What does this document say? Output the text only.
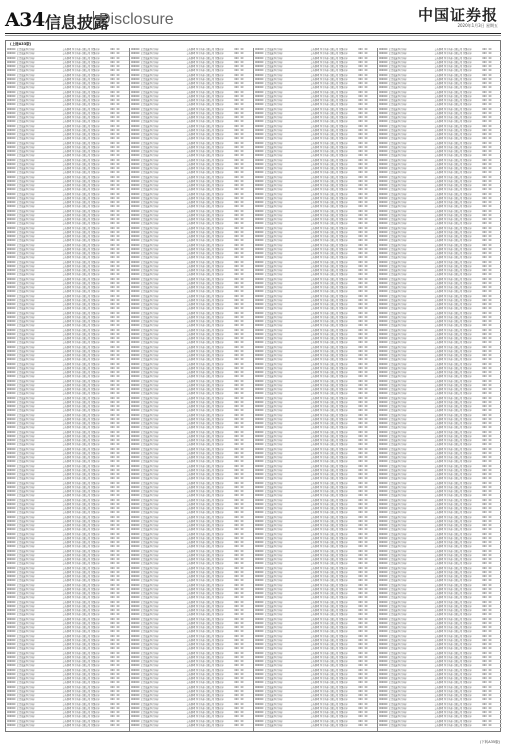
A34 信息披露
Disclosure	中国证券报
2020年1月3日 星期五
(上接A33版)
000000 信息披露基金名称	公告事项 基金名称 有限公司 详细内容	000 00
000000 信息披露基金名称	公告事项 基金名称 有限公司 详细内容	000 00
000000 信息披露基金名称	公告事项 基金名称 有限公司 详细内容	000 00
000000 信息披露基金名称	公告事项 基金名称 有限公司 详细内容	000 00
000000 信息披露基金名称	公告事项 基金名称 有限公司 详细内容	000 00
000000 信息披露基金名称	公告事项 基金名称 有限公司 详细内容	000 00
000000 信息披露基金名称	公告事项 基金名称 有限公司 详细内容	000 00
000000 信息披露基金名称	公告事项 基金名称 有限公司 详细内容	000 00
000000 信息披露基金名称	公告事项 基金名称 有限公司 详细内容	000 00
000000 信息披露基金名称	公告事项 基金名称 有限公司 详细内容	000 00
000000 信息披露基金名称	公告事项 基金名称 有限公司 详细内容	000 00
000000 信息披露基金名称	公告事项 基金名称 有限公司 详细内容	000 00
000000 信息披露基金名称	公告事项 基金名称 有限公司 详细内容	000 00
000000 信息披露基金名称	公告事项 基金名称 有限公司 详细内容	000 00
000000 信息披露基金名称	公告事项 基金名称 有限公司 详细内容	000 00
000000 信息披露基金名称	公告事项 基金名称 有限公司 详细内容	000 00
000000 信息披露基金名称	公告事项 基金名称 有限公司 详细内容	000 00
000000 信息披露基金名称	公告事项 基金名称 有限公司 详细内容	000 00
000000 信息披露基金名称	公告事项 基金名称 有限公司 详细内容	000 00
000000 信息披露基金名称	公告事项 基金名称 有限公司 详细内容	000 00
000000 信息披露基金名称	公告事项 基金名称 有限公司 详细内容	000 00
000000 信息披露基金名称	公告事项 基金名称 有限公司 详细内容	000 00
000000 信息披露基金名称	公告事项 基金名称 有限公司 详细内容	000 00
000000 信息披露基金名称	公告事项 基金名称 有限公司 详细内容	000 00
000000 信息披露基金名称	公告事项 基金名称 有限公司 详细内容	000 00
000000 信息披露基金名称	公告事项 基金名称 有限公司 详细内容	000 00
000000 信息披露基金名称	公告事项 基金名称 有限公司 详细内容	000 00
000000 信息披露基金名称	公告事项 基金名称 有限公司 详细内容	000 00
000000 信息披露基金名称	公告事项 基金名称 有限公司 详细内容	000 00
000000 信息披露基金名称	公告事项 基金名称 有限公司 详细内容	000 00
000000 信息披露基金名称	公告事项 基金名称 有限公司 详细内容	000 00
000000 信息披露基金名称	公告事项 基金名称 有限公司 详细内容	000 00
000000 信息披露基金名称	公告事项 基金名称 有限公司 详细内容	000 00
000000 信息披露基金名称	公告事项 基金名称 有限公司 详细内容	000 00
000000 信息披露基金名称	公告事项 基金名称 有限公司 详细内容	000 00
000000 信息披露基金名称	公告事项 基金名称 有限公司 详细内容	000 00
000000 信息披露基金名称	公告事项 基金名称 有限公司 详细内容	000 00
000000 信息披露基金名称	公告事项 基金名称 有限公司 详细内容	000 00
000000 信息披露基金名称	公告事项 基金名称 有限公司 详细内容	000 00
000000 信息披露基金名称	公告事项 基金名称 有限公司 详细内容	000 00
000000 信息披露基金名称	公告事项 基金名称 有限公司 详细内容	000 00
000000 信息披露基金名称	公告事项 基金名称 有限公司 详细内容	000 00
000000 信息披露基金名称	公告事项 基金名称 有限公司 详细内容	000 00
000000 信息披露基金名称	公告事项 基金名称 有限公司 详细内容	000 00
000000 信息披露基金名称	公告事项 基金名称 有限公司 详细内容	000 00
000000 信息披露基金名称	公告事项 基金名称 有限公司 详细内容	000 00
000000 信息披露基金名称	公告事项 基金名称 有限公司 详细内容	000 00
000000 信息披露基金名称	公告事项 基金名称 有限公司 详细内容	000 00
000000 信息披露基金名称	公告事项 基金名称 有限公司 详细内容	000 00
000000 信息披露基金名称	公告事项 基金名称 有限公司 详细内容	000 00
000000 信息披露基金名称	公告事项 基金名称 有限公司 详细内容	000 00
000000 信息披露基金名称	公告事项 基金名称 有限公司 详细内容	000 00
000000 信息披露基金名称	公告事项 基金名称 有限公司 详细内容	000 00
000000 信息披露基金名称	公告事项 基金名称 有限公司 详细内容	000 00
000000 信息披露基金名称	公告事项 基金名称 有限公司 详细内容	000 00
000000 信息披露基金名称	公告事项 基金名称 有限公司 详细内容	000 00
000000 信息披露基金名称	公告事项 基金名称 有限公司 详细内容	000 00
000000 信息披露基金名称	公告事项 基金名称 有限公司 详细内容	000 00
000000 信息披露基金名称	公告事项 基金名称 有限公司 详细内容	000 00
000000 信息披露基金名称	公告事项 基金名称 有限公司 详细内容	000 00
000000 信息披露基金名称	公告事项 基金名称 有限公司 详细内容	000 00
000000 信息披露基金名称	公告事项 基金名称 有限公司 详细内容	000 00
000000 信息披露基金名称	公告事项 基金名称 有限公司 详细内容	000 00
000000 信息披露基金名称	公告事项 基金名称 有限公司 详细内容	000 00
000000 信息披露基金名称	公告事项 基金名称 有限公司 详细内容	000 00
000000 信息披露基金名称	公告事项 基金名称 有限公司 详细内容	000 00
000000 信息披露基金名称	公告事项 基金名称 有限公司 详细内容	000 00
000000 信息披露基金名称	公告事项 基金名称 有限公司 详细内容	000 00
000000 信息披露基金名称	公告事项 基金名称 有限公司 详细内容	000 00
000000 信息披露基金名称	公告事项 基金名称 有限公司 详细内容	000 00
000000 信息披露基金名称	公告事项 基金名称 有限公司 详细内容	000 00
000000 信息披露基金名称	公告事项 基金名称 有限公司 详细内容	000 00
000000 信息披露基金名称	公告事项 基金名称 有限公司 详细内容	000 00
000000 信息披露基金名称	公告事项 基金名称 有限公司 详细内容	000 00
000000 信息披露基金名称	公告事项 基金名称 有限公司 详细内容	000 00
000000 信息披露基金名称	公告事项 基金名称 有限公司 详细内容	000 00
000000 信息披露基金名称	公告事项 基金名称 有限公司 详细内容	000 00
000000 信息披露基金名称	公告事项 基金名称 有限公司 详细内容	000 00
000000 信息披露基金名称	公告事项 基金名称 有限公司 详细内容	000 00
000000 信息披露基金名称	公告事项 基金名称 有限公司 详细内容	000 00
000000 信息披露基金名称	公告事项 基金名称 有限公司 详细内容	000 00
000000 信息披露基金名称	公告事项 基金名称 有限公司 详细内容	000 00
000000 信息披露基金名称	公告事项 基金名称 有限公司 详细内容	000 00
000000 信息披露基金名称	公告事项 基金名称 有限公司 详细内容	000 00
000000 信息披露基金名称	公告事项 基金名称 有限公司 详细内容	000 00
000000 信息披露基金名称	公告事项 基金名称 有限公司 详细内容	000 00
000000 信息披露基金名称	公告事项 基金名称 有限公司 详细内容	000 00
000000 信息披露基金名称	公告事项 基金名称 有限公司 详细内容	000 00
000000 信息披露基金名称	公告事项 基金名称 有限公司 详细内容	000 00
000000 信息披露基金名称	公告事项 基金名称 有限公司 详细内容	000 00
000000 信息披露基金名称	公告事项 基金名称 有限公司 详细内容	000 00
000000 信息披露基金名称	公告事项 基金名称 有限公司 详细内容	000 00
000000 信息披露基金名称	公告事项 基金名称 有限公司 详细内容	000 00
000000 信息披露基金名称	公告事项 基金名称 有限公司 详细内容	000 00
000000 信息披露基金名称	公告事项 基金名称 有限公司 详细内容	000 00
000000 信息披露基金名称	公告事项 基金名称 有限公司 详细内容	000 00
000000 信息披露基金名称	公告事项 基金名称 有限公司 详细内容	000 00
000000 信息披露基金名称	公告事项 基金名称 有限公司 详细内容	000 00
000000 信息披露基金名称	公告事项 基金名称 有限公司 详细内容	000 00
000000 信息披露基金名称	公告事项 基金名称 有限公司 详细内容	000 00
000000 信息披露基金名称	公告事项 基金名称 有限公司 详细内容	000 00
000000 信息披露基金名称	公告事项 基金名称 有限公司 详细内容	000 00
000000 信息披露基金名称	公告事项 基金名称 有限公司 详细内容	000 00
000000 信息披露基金名称	公告事项 基金名称 有限公司 详细内容	000 00
000000 信息披露基金名称	公告事项 基金名称 有限公司 详细内容	000 00
000000 信息披露基金名称	公告事项 基金名称 有限公司 详细内容	000 00
000000 信息披露基金名称	公告事项 基金名称 有限公司 详细内容	000 00
000000 信息披露基金名称	公告事项 基金名称 有限公司 详细内容	000 00
000000 信息披露基金名称	公告事项 基金名称 有限公司 详细内容	000 00
000000 信息披露基金名称	公告事项 基金名称 有限公司 详细内容	000 00
000000 信息披露基金名称	公告事项 基金名称 有限公司 详细内容	000 00
000000 信息披露基金名称	公告事项 基金名称 有限公司 详细内容	000 00
000000 信息披露基金名称	公告事项 基金名称 有限公司 详细内容	000 00
000000 信息披露基金名称	公告事项 基金名称 有限公司 详细内容	000 00
000000 信息披露基金名称	公告事项 基金名称 有限公司 详细内容	000 00
000000 信息披露基金名称	公告事项 基金名称 有限公司 详细内容	000 00
000000 信息披露基金名称	公告事项 基金名称 有限公司 详细内容	000 00
000000 信息披露基金名称	公告事项 基金名称 有限公司 详细内容	000 00
000000 信息披露基金名称	公告事项 基金名称 有限公司 详细内容	000 00
000000 信息披露基金名称	公告事项 基金名称 有限公司 详细内容	000 00
000000 信息披露基金名称	公告事项 基金名称 有限公司 详细内容	000 00
000000 信息披露基金名称	公告事项 基金名称 有限公司 详细内容	000 00
000000 信息披露基金名称	公告事项 基金名称 有限公司 详细内容	000 00
000000 信息披露基金名称	公告事项 基金名称 有限公司 详细内容	000 00
000000 信息披露基金名称	公告事项 基金名称 有限公司 详细内容	000 00
000000 信息披露基金名称	公告事项 基金名称 有限公司 详细内容	000 00
000000 信息披露基金名称	公告事项 基金名称 有限公司 详细内容	000 00
000000 信息披露基金名称	公告事项 基金名称 有限公司 详细内容	000 00
000000 信息披露基金名称	公告事项 基金名称 有限公司 详细内容	000 00
000000 信息披露基金名称	公告事项 基金名称 有限公司 详细内容	000 00
000000 信息披露基金名称	公告事项 基金名称 有限公司 详细内容	000 00
000000 信息披露基金名称	公告事项 基金名称 有限公司 详细内容	000 00
000000 信息披露基金名称	公告事项 基金名称 有限公司 详细内容	000 00
000000 信息披露基金名称	公告事项 基金名称 有限公司 详细内容	000 00
000000 信息披露基金名称	公告事项 基金名称 有限公司 详细内容	000 00
000000 信息披露基金名称	公告事项 基金名称 有限公司 详细内容	000 00
000000 信息披露基金名称	公告事项 基金名称 有限公司 详细内容	000 00
000000 信息披露基金名称	公告事项 基金名称 有限公司 详细内容	000 00
000000 信息披露基金名称	公告事项 基金名称 有限公司 详细内容	000 00
000000 信息披露基金名称	公告事项 基金名称 有限公司 详细内容	000 00
000000 信息披露基金名称	公告事项 基金名称 有限公司 详细内容	000 00
000000 信息披露基金名称	公告事项 基金名称 有限公司 详细内容	000 00
000000 信息披露基金名称	公告事项 基金名称 有限公司 详细内容	000 00
000000 信息披露基金名称	公告事项 基金名称 有限公司 详细内容	000 00
000000 信息披露基金名称	公告事项 基金名称 有限公司 详细内容	000 00
000000 信息披露基金名称	公告事项 基金名称 有限公司 详细内容	000 00
000000 信息披露基金名称	公告事项 基金名称 有限公司 详细内容	000 00
000000 信息披露基金名称	公告事项 基金名称 有限公司 详细内容	000 00
000000 信息披露基金名称	公告事项 基金名称 有限公司 详细内容	000 00
000000 信息披露基金名称	公告事项 基金名称 有限公司 详细内容	000 00
000000 信息披露基金名称	公告事项 基金名称 有限公司 详细内容	000 00
000000 信息披露基金名称	公告事项 基金名称 有限公司 详细内容	000 00
000000 信息披露基金名称	公告事项 基金名称 有限公司 详细内容	000 00
000000 信息披露基金名称	公告事项 基金名称 有限公司 详细内容	000 00
000000 信息披露基金名称	公告事项 基金名称 有限公司 详细内容	000 00
000000 信息披露基金名称	公告事项 基金名称 有限公司 详细内容	000 00
000000 信息披露基金名称	公告事项 基金名称 有限公司 详细内容	000 00
000000 信息披露基金名称	公告事项 基金名称 有限公司 详细内容	000 00
000000 信息披露基金名称	公告事项 基金名称 有限公司 详细内容	000 00
000000 信息披露基金名称	公告事项 基金名称 有限公司 详细内容	000 00
000000 信息披露基金名称	公告事项 基金名称 有限公司 详细内容	000 00
000000 信息披露基金名称	公告事项 基金名称 有限公司 详细内容	000 00
000000 信息披露基金名称	公告事项 基金名称 有限公司 详细内容	000 00
000000 信息披露基金名称	公告事项 基金名称 有限公司 详细内容	000 00
000000 信息披露基金名称	公告事项 基金名称 有限公司 详细内容	000 00
000000 信息披露基金名称	公告事项 基金名称 有限公司 详细内容	000 00
000000 信息披露基金名称	公告事项 基金名称 有限公司 详细内容	000 00
000000 信息披露基金名称	公告事项 基金名称 有限公司 详细内容	000 00
000000 信息披露基金名称	公告事项 基金名称 有限公司 详细内容	000 00
000000 信息披露基金名称	公告事项 基金名称 有限公司 详细内容	000 00
000000 信息披露基金名称	公告事项 基金名称 有限公司 详细内容	000 00
000000 信息披露基金名称	公告事项 基金名称 有限公司 详细内容	000 00
000000 信息披露基金名称	公告事项 基金名称 有限公司 详细内容	000 00
000000 信息披露基金名称	公告事项 基金名称 有限公司 详细内容	000 00
000000 信息披露基金名称	公告事项 基金名称 有限公司 详细内容	000 00
000000 信息披露基金名称	公告事项 基金名称 有限公司 详细内容	000 00
000000 信息披露基金名称	公告事项 基金名称 有限公司 详细内容	000 00
000000 信息披露基金名称	公告事项 基金名称 有限公司 详细内容	000 00
000000 信息披露基金名称	公告事项 基金名称 有限公司 详细内容	000 00
000000 信息披露基金名称	公告事项 基金名称 有限公司 详细内容	000 00
000000 信息披露基金名称	公告事项 基金名称 有限公司 详细内容	000 00
000000 信息披露基金名称	公告事项 基金名称 有限公司 详细内容	000 00
000000 信息披露基金名称	公告事项 基金名称 有限公司 详细内容	000 00
000000 信息披露基金名称	公告事项 基金名称 有限公司 详细内容	000 00
000000 信息披露基金名称	公告事项 基金名称 有限公司 详细内容	000 00
000000 信息披露基金名称	公告事项 基金名称 有限公司 详细内容	000 00
000000 信息披露基金名称	公告事项 基金名称 有限公司 详细内容	000 00
000000 信息披露基金名称	公告事项 基金名称 有限公司 详细内容	000 00
000000 信息披露基金名称	公告事项 基金名称 有限公司 详细内容	000 00
000000 信息披露基金名称	公告事项 基金名称 有限公司 详细内容	000 00
000000 信息披露基金名称	公告事项 基金名称 有限公司 详细内容	000 00
000000 信息披露基金名称	公告事项 基金名称 有限公司 详细内容	000 00
000000 信息披露基金名称	公告事项 基金名称 有限公司 详细内容	000 00
000000 信息披露基金名称	公告事项 基金名称 有限公司 详细内容	000 00
000000 信息披露基金名称	公告事项 基金名称 有限公司 详细内容	000 00
000000 信息披露基金名称	公告事项 基金名称 有限公司 详细内容	000 00
000000 信息披露基金名称	公告事项 基金名称 有限公司 详细内容	000 00
000000 信息披露基金名称	公告事项 基金名称 有限公司 详细内容	000 00
000000 信息披露基金名称	公告事项 基金名称 有限公司 详细内容	000 00
000000 信息披露基金名称	公告事项 基金名称 有限公司 详细内容	000 00
000000 信息披露基金名称	公告事项 基金名称 有限公司 详细内容	000 00
000000 信息披露基金名称	公告事项 基金名称 有限公司 详细内容	000 00
000000 信息披露基金名称	公告事项 基金名称 有限公司 详细内容	000 00
000000 信息披露基金名称	公告事项 基金名称 有限公司 详细内容	000 00
000000 信息披露基金名称	公告事项 基金名称 有限公司 详细内容	000 00
000000 信息披露基金名称	公告事项 基金名称 有限公司 详细内容	000 00
000000 信息披露基金名称	公告事项 基金名称 有限公司 详细内容	000 00
000000 信息披露基金名称	公告事项 基金名称 有限公司 详细内容	000 00
000000 信息披露基金名称	公告事项 基金名称 有限公司 详细内容	000 00
000000 信息披露基金名称	公告事项 基金名称 有限公司 详细内容	000 00
000000 信息披露基金名称	公告事项 基金名称 有限公司 详细内容	000 00
000000 信息披露基金名称	公告事项 基金名称 有限公司 详细内容	000 00
000000 信息披露基金名称	公告事项 基金名称 有限公司 详细内容	000 00
000000 信息披露基金名称	公告事项 基金名称 有限公司 详细内容	000 00
000000 信息披露基金名称	公告事项 基金名称 有限公司 详细内容	000 00
000000 信息披露基金名称	公告事项 基金名称 有限公司 详细内容	000 00
000000 信息披露基金名称	公告事项 基金名称 有限公司 详细内容	000 00
000000 信息披露基金名称	公告事项 基金名称 有限公司 详细内容	000 00
000000 信息披露基金名称	公告事项 基金名称 有限公司 详细内容	000 00
000000 信息披露基金名称	公告事项 基金名称 有限公司 详细内容	000 00
000000 信息披露基金名称	公告事项 基金名称 有限公司 详细内容	000 00
000000 信息披露基金名称	公告事项 基金名称 有限公司 详细内容	000 00
000000 信息披露基金名称	公告事项 基金名称 有限公司 详细内容	000 00
000000 信息披露基金名称	公告事项 基金名称 有限公司 详细内容	000 00
000000 信息披露基金名称	公告事项 基金名称 有限公司 详细内容	000 00
000000 信息披露基金名称	公告事项 基金名称 有限公司 详细内容	000 00
000000 信息披露基金名称	公告事项 基金名称 有限公司 详细内容	000 00
000000 信息披露基金名称	公告事项 基金名称 有限公司 详细内容	000 00
000000 信息披露基金名称	公告事项 基金名称 有限公司 详细内容	000 00
000000 信息披露基金名称	公告事项 基金名称 有限公司 详细内容	000 00
000000 信息披露基金名称	公告事项 基金名称 有限公司 详细内容	000 00
000000 信息披露基金名称	公告事项 基金名称 有限公司 详细内容	000 00
000000 信息披露基金名称	公告事项 基金名称 有限公司 详细内容	000 00
000000 信息披露基金名称	公告事项 基金名称 有限公司 详细内容	000 00
000000 信息披露基金名称	公告事项 基金名称 有限公司 详细内容	000 00
000000 信息披露基金名称	公告事项 基金名称 有限公司 详细内容	000 00
000000 信息披露基金名称	公告事项 基金名称 有限公司 详细内容	000 00
000000 信息披露基金名称	公告事项 基金名称 有限公司 详细内容	000 00
000000 信息披露基金名称	公告事项 基金名称 有限公司 详细内容	000 00
000000 信息披露基金名称	公告事项 基金名称 有限公司 详细内容	000 00
000000 信息披露基金名称	公告事项 基金名称 有限公司 详细内容	000 00
000000 信息披露基金名称	公告事项 基金名称 有限公司 详细内容	000 00
000000 信息披露基金名称	公告事项 基金名称 有限公司 详细内容	000 00
000000 信息披露基金名称	公告事项 基金名称 有限公司 详细内容	000 00
000000 信息披露基金名称	公告事项 基金名称 有限公司 详细内容	000 00
000000 信息披露基金名称	公告事项 基金名称 有限公司 详细内容	000 00
000000 信息披露基金名称	公告事项 基金名称 有限公司 详细内容	000 00
000000 信息披露基金名称	公告事项 基金名称 有限公司 详细内容	000 00
000000 信息披露基金名称	公告事项 基金名称 有限公司 详细内容	000 00
000000 信息披露基金名称	公告事项 基金名称 有限公司 详细内容	000 00
000000 信息披露基金名称	公告事项 基金名称 有限公司 详细内容	000 00
000000 信息披露基金名称	公告事项 基金名称 有限公司 详细内容	000 00
000000 信息披露基金名称	公告事项 基金名称 有限公司 详细内容	000 00
000000 信息披露基金名称	公告事项 基金名称 有限公司 详细内容	000 00
000000 信息披露基金名称	公告事项 基金名称 有限公司 详细内容	000 00
000000 信息披露基金名称	公告事项 基金名称 有限公司 详细内容	000 00
000000 信息披露基金名称	公告事项 基金名称 有限公司 详细内容	000 00
000000 信息披露基金名称	公告事项 基金名称 有限公司 详细内容	000 00
000000 信息披露基金名称	公告事项 基金名称 有限公司 详细内容	000 00
000000 信息披露基金名称	公告事项 基金名称 有限公司 详细内容	000 00
000000 信息披露基金名称	公告事项 基金名称 有限公司 详细内容	000 00
000000 信息披露基金名称	公告事项 基金名称 有限公司 详细内容	000 00
000000 信息披露基金名称	公告事项 基金名称 有限公司 详细内容	000 00
000000 信息披露基金名称	公告事项 基金名称 有限公司 详细内容	000 00
000000 信息披露基金名称	公告事项 基金名称 有限公司 详细内容	000 00
000000 信息披露基金名称	公告事项 基金名称 有限公司 详细内容	000 00
000000 信息披露基金名称	公告事项 基金名称 有限公司 详细内容	000 00
000000 信息披露基金名称	公告事项 基金名称 有限公司 详细内容	000 00
000000 信息披露基金名称	公告事项 基金名称 有限公司 详细内容	000 00
000000 信息披露基金名称	公告事项 基金名称 有限公司 详细内容	000 00
000000 信息披露基金名称	公告事项 基金名称 有限公司 详细内容	000 00
000000 信息披露基金名称	公告事项 基金名称 有限公司 详细内容	000 00
000000 信息披露基金名称	公告事项 基金名称 有限公司 详细内容	000 00
000000 信息披露基金名称	公告事项 基金名称 有限公司 详细内容	000 00
000000 信息披露基金名称	公告事项 基金名称 有限公司 详细内容	000 00
000000 信息披露基金名称	公告事项 基金名称 有限公司 详细内容	000 00
000000 信息披露基金名称	公告事项 基金名称 有限公司 详细内容	000 00
000000 信息披露基金名称	公告事项 基金名称 有限公司 详细内容	000 00
000000 信息披露基金名称	公告事项 基金名称 有限公司 详细内容	000 00
000000 信息披露基金名称	公告事项 基金名称 有限公司 详细内容	000 00
000000 信息披露基金名称	公告事项 基金名称 有限公司 详细内容	000 00
000000 信息披露基金名称	公告事项 基金名称 有限公司 详细内容	000 00
000000 信息披露基金名称	公告事项 基金名称 有限公司 详细内容	000 00
000000 信息披露基金名称	公告事项 基金名称 有限公司 详细内容	000 00
000000 信息披露基金名称	公告事项 基金名称 有限公司 详细内容	000 00
000000 信息披露基金名称	公告事项 基金名称 有限公司 详细内容	000 00
000000 信息披露基金名称	公告事项 基金名称 有限公司 详细内容	000 00
000000 信息披露基金名称	公告事项 基金名称 有限公司 详细内容	000 00
000000 信息披露基金名称	公告事项 基金名称 有限公司 详细内容	000 00
000000 信息披露基金名称	公告事项 基金名称 有限公司 详细内容	000 00
000000 信息披露基金名称	公告事项 基金名称 有限公司 详细内容	000 00
000000 信息披露基金名称	公告事项 基金名称 有限公司 详细内容	000 00
000000 信息披露基金名称	公告事项 基金名称 有限公司 详细内容	000 00
000000 信息披露基金名称	公告事项 基金名称 有限公司 详细内容	000 00
000000 信息披露基金名称	公告事项 基金名称 有限公司 详细内容	000 00
000000 信息披露基金名称	公告事项 基金名称 有限公司 详细内容	000 00
000000 信息披露基金名称	公告事项 基金名称 有限公司 详细内容	000 00
000000 信息披露基金名称	公告事项 基金名称 有限公司 详细内容	000 00
000000 信息披露基金名称	公告事项 基金名称 有限公司 详细内容	000 00
000000 信息披露基金名称	公告事项 基金名称 有限公司 详细内容	000 00
000000 信息披露基金名称	公告事项 基金名称 有限公司 详细内容	000 00
000000 信息披露基金名称	公告事项 基金名称 有限公司 详细内容	000 00
000000 信息披露基金名称	公告事项 基金名称 有限公司 详细内容	000 00
000000 信息披露基金名称	公告事项 基金名称 有限公司 详细内容	000 00
000000 信息披露基金名称	公告事项 基金名称 有限公司 详细内容	000 00
000000 信息披露基金名称	公告事项 基金名称 有限公司 详细内容	000 00
000000 信息披露基金名称	公告事项 基金名称 有限公司 详细内容	000 00
000000 信息披露基金名称	公告事项 基金名称 有限公司 详细内容	000 00
000000 信息披露基金名称	公告事项 基金名称 有限公司 详细内容	000 00
000000 信息披露基金名称	公告事项 基金名称 有限公司 详细内容	000 00
000000 信息披露基金名称	公告事项 基金名称 有限公司 详细内容	000 00
000000 信息披露基金名称	公告事项 基金名称 有限公司 详细内容	000 00
000000 信息披露基金名称	公告事项 基金名称 有限公司 详细内容	000 00
000000 信息披露基金名称	公告事项 基金名称 有限公司 详细内容	000 00
000000 信息披露基金名称	公告事项 基金名称 有限公司 详细内容	000 00
000000 信息披露基金名称	公告事项 基金名称 有限公司 详细内容	000 00
000000 信息披露基金名称	公告事项 基金名称 有限公司 详细内容	000 00
000000 信息披露基金名称	公告事项 基金名称 有限公司 详细内容	000 00
000000 信息披露基金名称	公告事项 基金名称 有限公司 详细内容	000 00
000000 信息披露基金名称	公告事项 基金名称 有限公司 详细内容	000 00
000000 信息披露基金名称	公告事项 基金名称 有限公司 详细内容	000 00
000000 信息披露基金名称	公告事项 基金名称 有限公司 详细内容	000 00
000000 信息披露基金名称	公告事项 基金名称 有限公司 详细内容	000 00
000000 信息披露基金名称	公告事项 基金名称 有限公司 详细内容	000 00
000000 信息披露基金名称	公告事项 基金名称 有限公司 详细内容	000 00
000000 信息披露基金名称	公告事项 基金名称 有限公司 详细内容	000 00
000000 信息披露基金名称	公告事项 基金名称 有限公司 详细内容	000 00
000000 信息披露基金名称	公告事项 基金名称 有限公司 详细内容	000 00
000000 信息披露基金名称	公告事项 基金名称 有限公司 详细内容	000 00
000000 信息披露基金名称	公告事项 基金名称 有限公司 详细内容	000 00
000000 信息披露基金名称	公告事项 基金名称 有限公司 详细内容	000 00
000000 信息披露基金名称	公告事项 基金名称 有限公司 详细内容	000 00
000000 信息披露基金名称	公告事项 基金名称 有限公司 详细内容	000 00
000000 信息披露基金名称	公告事项 基金名称 有限公司 详细内容	000 00
000000 信息披露基金名称	公告事项 基金名称 有限公司 详细内容	000 00
000000 信息披露基金名称	公告事项 基金名称 有限公司 详细内容	000 00
000000 信息披露基金名称	公告事项 基金名称 有限公司 详细内容	000 00
000000 信息披露基金名称	公告事项 基金名称 有限公司 详细内容	000 00
000000 信息披露基金名称	公告事项 基金名称 有限公司 详细内容	000 00
000000 信息披露基金名称	公告事项 基金名称 有限公司 详细内容	000 00
000000 信息披露基金名称	公告事项 基金名称 有限公司 详细内容	000 00
000000 信息披露基金名称	公告事项 基金名称 有限公司 详细内容	000 00
000000 信息披露基金名称	公告事项 基金名称 有限公司 详细内容	000 00
000000 信息披露基金名称	公告事项 基金名称 有限公司 详细内容	000 00
000000 信息披露基金名称	公告事项 基金名称 有限公司 详细内容	000 00
000000 信息披露基金名称	公告事项 基金名称 有限公司 详细内容	000 00
000000 信息披露基金名称	公告事项 基金名称 有限公司 详细内容	000 00
000000 信息披露基金名称	公告事项 基金名称 有限公司 详细内容	000 00
000000 信息披露基金名称	公告事项 基金名称 有限公司 详细内容	000 00
000000 信息披露基金名称	公告事项 基金名称 有限公司 详细内容	000 00
000000 信息披露基金名称	公告事项 基金名称 有限公司 详细内容	000 00
000000 信息披露基金名称	公告事项 基金名称 有限公司 详细内容	000 00
000000 信息披露基金名称	公告事项 基金名称 有限公司 详细内容	000 00
000000 信息披露基金名称	公告事项 基金名称 有限公司 详细内容	000 00
000000 信息披露基金名称	公告事项 基金名称 有限公司 详细内容	000 00
000000 信息披露基金名称	公告事项 基金名称 有限公司 详细内容	000 00
000000 信息披露基金名称	公告事项 基金名称 有限公司 详细内容	000 00
000000 信息披露基金名称	公告事项 基金名称 有限公司 详细内容	000 00
000000 信息披露基金名称	公告事项 基金名称 有限公司 详细内容	000 00
000000 信息披露基金名称	公告事项 基金名称 有限公司 详细内容	000 00
000000 信息披露基金名称	公告事项 基金名称 有限公司 详细内容	000 00
000000 信息披露基金名称	公告事项 基金名称 有限公司 详细内容	000 00
000000 信息披露基金名称	公告事项 基金名称 有限公司 详细内容	000 00
000000 信息披露基金名称	公告事项 基金名称 有限公司 详细内容	000 00
000000 信息披露基金名称	公告事项 基金名称 有限公司 详细内容	000 00
000000 信息披露基金名称	公告事项 基金名称 有限公司 详细内容	000 00
000000 信息披露基金名称	公告事项 基金名称 有限公司 详细内容	000 00
000000 信息披露基金名称	公告事项 基金名称 有限公司 详细内容	000 00
000000 信息披露基金名称	公告事项 基金名称 有限公司 详细内容	000 00
000000 信息披露基金名称	公告事项 基金名称 有限公司 详细内容	000 00
000000 信息披露基金名称	公告事项 基金名称 有限公司 详细内容	000 00
000000 信息披露基金名称	公告事项 基金名称 有限公司 详细内容	000 00
000000 信息披露基金名称	公告事项 基金名称 有限公司 详细内容	000 00
000000 信息披露基金名称	公告事项 基金名称 有限公司 详细内容	000 00
000000 信息披露基金名称	公告事项 基金名称 有限公司 详细内容	000 00
000000 信息披露基金名称	公告事项 基金名称 有限公司 详细内容	000 00
000000 信息披露基金名称	公告事项 基金名称 有限公司 详细内容	000 00
000000 信息披露基金名称	公告事项 基金名称 有限公司 详细内容	000 00
000000 信息披露基金名称	公告事项 基金名称 有限公司 详细内容	000 00
000000 信息披露基金名称	公告事项 基金名称 有限公司 详细内容	000 00
000000 信息披露基金名称	公告事项 基金名称 有限公司 详细内容	000 00
000000 信息披露基金名称	公告事项 基金名称 有限公司 详细内容	000 00
000000 信息披露基金名称	公告事项 基金名称 有限公司 详细内容	000 00
000000 信息披露基金名称	公告事项 基金名称 有限公司 详细内容	000 00
000000 信息披露基金名称	公告事项 基金名称 有限公司 详细内容	000 00
000000 信息披露基金名称	公告事项 基金名称 有限公司 详细内容	000 00
000000 信息披露基金名称	公告事项 基金名称 有限公司 详细内容	000 00
000000 信息披露基金名称	公告事项 基金名称 有限公司 详细内容	000 00
000000 信息披露基金名称	公告事项 基金名称 有限公司 详细内容	000 00
000000 信息披露基金名称	公告事项 基金名称 有限公司 详细内容	000 00
000000 信息披露基金名称	公告事项 基金名称 有限公司 详细内容	000 00
000000 信息披露基金名称	公告事项 基金名称 有限公司 详细内容	000 00
000000 信息披露基金名称	公告事项 基金名称 有限公司 详细内容	000 00
000000 信息披露基金名称	公告事项 基金名称 有限公司 详细内容	000 00
000000 信息披露基金名称	公告事项 基金名称 有限公司 详细内容	000 00
000000 信息披露基金名称	公告事项 基金名称 有限公司 详细内容	000 00
000000 信息披露基金名称	公告事项 基金名称 有限公司 详细内容	000 00
000000 信息披露基金名称	公告事项 基金名称 有限公司 详细内容	000 00
000000 信息披露基金名称	公告事项 基金名称 有限公司 详细内容	000 00
000000 信息披露基金名称	公告事项 基金名称 有限公司 详细内容	000 00
000000 信息披露基金名称	公告事项 基金名称 有限公司 详细内容	000 00
000000 信息披露基金名称	公告事项 基金名称 有限公司 详细内容	000 00
000000 信息披露基金名称	公告事项 基金名称 有限公司 详细内容	000 00
000000 信息披露基金名称	公告事项 基金名称 有限公司 详细内容	000 00
000000 信息披露基金名称	公告事项 基金名称 有限公司 详细内容	000 00
000000 信息披露基金名称	公告事项 基金名称 有限公司 详细内容	000 00
000000 信息披露基金名称	公告事项 基金名称 有限公司 详细内容	000 00
000000 信息披露基金名称	公告事项 基金名称 有限公司 详细内容	000 00
000000 信息披露基金名称	公告事项 基金名称 有限公司 详细内容	000 00
000000 信息披露基金名称	公告事项 基金名称 有限公司 详细内容	000 00
000000 信息披露基金名称	公告事项 基金名称 有限公司 详细内容	000 00
000000 信息披露基金名称	公告事项 基金名称 有限公司 详细内容	000 00
000000 信息披露基金名称	公告事项 基金名称 有限公司 详细内容	000 00
000000 信息披露基金名称	公告事项 基金名称 有限公司 详细内容	000 00
000000 信息披露基金名称	公告事项 基金名称 有限公司 详细内容	000 00
000000 信息披露基金名称	公告事项 基金名称 有限公司 详细内容	000 00
000000 信息披露基金名称	公告事项 基金名称 有限公司 详细内容	000 00
000000 信息披露基金名称	公告事项 基金名称 有限公司 详细内容	000 00
000000 信息披露基金名称	公告事项 基金名称 有限公司 详细内容	000 00
000000 信息披露基金名称	公告事项 基金名称 有限公司 详细内容	000 00
000000 信息披露基金名称	公告事项 基金名称 有限公司 详细内容	000 00
000000 信息披露基金名称	公告事项 基金名称 有限公司 详细内容	000 00
000000 信息披露基金名称	公告事项 基金名称 有限公司 详细内容	000 00
000000 信息披露基金名称	公告事项 基金名称 有限公司 详细内容	000 00
000000 信息披露基金名称	公告事项 基金名称 有限公司 详细内容	000 00
000000 信息披露基金名称	公告事项 基金名称 有限公司 详细内容	000 00
000000 信息披露基金名称	公告事项 基金名称 有限公司 详细内容	000 00
000000 信息披露基金名称	公告事项 基金名称 有限公司 详细内容	000 00
000000 信息披露基金名称	公告事项 基金名称 有限公司 详细内容	000 00
000000 信息披露基金名称	公告事项 基金名称 有限公司 详细内容	000 00
000000 信息披露基金名称	公告事项 基金名称 有限公司 详细内容	000 00
000000 信息披露基金名称	公告事项 基金名称 有限公司 详细内容	000 00
000000 信息披露基金名称	公告事项 基金名称 有限公司 详细内容	000 00
000000 信息披露基金名称	公告事项 基金名称 有限公司 详细内容	000 00
000000 信息披露基金名称	公告事项 基金名称 有限公司 详细内容	000 00
000000 信息披露基金名称	公告事项 基金名称 有限公司 详细内容	000 00
000000 信息披露基金名称	公告事项 基金名称 有限公司 详细内容	000 00
000000 信息披露基金名称	公告事项 基金名称 有限公司 详细内容	000 00
000000 信息披露基金名称	公告事项 基金名称 有限公司 详细内容	000 00
000000 信息披露基金名称	公告事项 基金名称 有限公司 详细内容	000 00
000000 信息披露基金名称	公告事项 基金名称 有限公司 详细内容	000 00
000000 信息披露基金名称	公告事项 基金名称 有限公司 详细内容	000 00
000000 信息披露基金名称	公告事项 基金名称 有限公司 详细内容	000 00
000000 信息披露基金名称	公告事项 基金名称 有限公司 详细内容	000 00
000000 信息披露基金名称	公告事项 基金名称 有限公司 详细内容	000 00
000000 信息披露基金名称	公告事项 基金名称 有限公司 详细内容	000 00
000000 信息披露基金名称	公告事项 基金名称 有限公司 详细内容	000 00
000000 信息披露基金名称	公告事项 基金名称 有限公司 详细内容	000 00
000000 信息披露基金名称	公告事项 基金名称 有限公司 详细内容	000 00
000000 信息披露基金名称	公告事项 基金名称 有限公司 详细内容	000 00
000000 信息披露基金名称	公告事项 基金名称 有限公司 详细内容	000 00
000000 信息披露基金名称	公告事项 基金名称 有限公司 详细内容	000 00
000000 信息披露基金名称	公告事项 基金名称 有限公司 详细内容	000 00
000000 信息披露基金名称	公告事项 基金名称 有限公司 详细内容	000 00
000000 信息披露基金名称	公告事项 基金名称 有限公司 详细内容	000 00
000000 信息披露基金名称	公告事项 基金名称 有限公司 详细内容	000 00
000000 信息披露基金名称	公告事项 基金名称 有限公司 详细内容	000 00
000000 信息披露基金名称	公告事项 基金名称 有限公司 详细内容	000 00
000000 信息披露基金名称	公告事项 基金名称 有限公司 详细内容	000 00
000000 信息披露基金名称	公告事项 基金名称 有限公司 详细内容	000 00
000000 信息披露基金名称	公告事项 基金名称 有限公司 详细内容	000 00
000000 信息披露基金名称	公告事项 基金名称 有限公司 详细内容	000 00
000000 信息披露基金名称	公告事项 基金名称 有限公司 详细内容	000 00
000000 信息披露基金名称	公告事项 基金名称 有限公司 详细内容	000 00
000000 信息披露基金名称	公告事项 基金名称 有限公司 详细内容	000 00
000000 信息披露基金名称	公告事项 基金名称 有限公司 详细内容	000 00
000000 信息披露基金名称	公告事项 基金名称 有限公司 详细内容	000 00
000000 信息披露基金名称	公告事项 基金名称 有限公司 详细内容	000 00
000000 信息披露基金名称	公告事项 基金名称 有限公司 详细内容	000 00
000000 信息披露基金名称	公告事项 基金名称 有限公司 详细内容	000 00
000000 信息披露基金名称	公告事项 基金名称 有限公司 详细内容	000 00
000000 信息披露基金名称	公告事项 基金名称 有限公司 详细内容	000 00
000000 信息披露基金名称	公告事项 基金名称 有限公司 详细内容	000 00
000000 信息披露基金名称	公告事项 基金名称 有限公司 详细内容	000 00
000000 信息披露基金名称	公告事项 基金名称 有限公司 详细内容	000 00
000000 信息披露基金名称	公告事项 基金名称 有限公司 详细内容	000 00
000000 信息披露基金名称	公告事项 基金名称 有限公司 详细内容	000 00
000000 信息披露基金名称	公告事项 基金名称 有限公司 详细内容	000 00
000000 信息披露基金名称	公告事项 基金名称 有限公司 详细内容	000 00
000000 信息披露基金名称	公告事项 基金名称 有限公司 详细内容	000 00
000000 信息披露基金名称	公告事项 基金名称 有限公司 详细内容	000 00
000000 信息披露基金名称	公告事项 基金名称 有限公司 详细内容	000 00
000000 信息披露基金名称	公告事项 基金名称 有限公司 详细内容	000 00
000000 信息披露基金名称	公告事项 基金名称 有限公司 详细内容	000 00
000000 信息披露基金名称	公告事项 基金名称 有限公司 详细内容	000 00
000000 信息披露基金名称	公告事项 基金名称 有限公司 详细内容	000 00
000000 信息披露基金名称	公告事项 基金名称 有限公司 详细内容	000 00
000000 信息披露基金名称	公告事项 基金名称 有限公司 详细内容	000 00
000000 信息披露基金名称	公告事项 基金名称 有限公司 详细内容	000 00
000000 信息披露基金名称	公告事项 基金名称 有限公司 详细内容	000 00
000000 信息披露基金名称	公告事项 基金名称 有限公司 详细内容	000 00
000000 信息披露基金名称	公告事项 基金名称 有限公司 详细内容	000 00
000000 信息披露基金名称	公告事项 基金名称 有限公司 详细内容	000 00
000000 信息披露基金名称	公告事项 基金名称 有限公司 详细内容	000 00
000000 信息披露基金名称	公告事项 基金名称 有限公司 详细内容	000 00
000000 信息披露基金名称	公告事项 基金名称 有限公司 详细内容	000 00
000000 信息披露基金名称	公告事项 基金名称 有限公司 详细内容	000 00
000000 信息披露基金名称	公告事项 基金名称 有限公司 详细内容	000 00
000000 信息披露基金名称	公告事项 基金名称 有限公司 详细内容	000 00
000000 信息披露基金名称	公告事项 基金名称 有限公司 详细内容	000 00
000000 信息披露基金名称	公告事项 基金名称 有限公司 详细内容	000 00
000000 信息披露基金名称	公告事项 基金名称 有限公司 详细内容	000 00
000000 信息披露基金名称	公告事项 基金名称 有限公司 详细内容	000 00
000000 信息披露基金名称	公告事项 基金名称 有限公司 详细内容	000 00
000000 信息披露基金名称	公告事项 基金名称 有限公司 详细内容	000 00
000000 信息披露基金名称	公告事项 基金名称 有限公司 详细内容	000 00
000000 信息披露基金名称	公告事项 基金名称 有限公司 详细内容	000 00
000000 信息披露基金名称	公告事项 基金名称 有限公司 详细内容	000 00
000000 信息披露基金名称	公告事项 基金名称 有限公司 详细内容	000 00
000000 信息披露基金名称	公告事项 基金名称 有限公司 详细内容	000 00
000000 信息披露基金名称	公告事项 基金名称 有限公司 详细内容	000 00
000000 信息披露基金名称	公告事项 基金名称 有限公司 详细内容	000 00
000000 信息披露基金名称	公告事项 基金名称 有限公司 详细内容	000 00
000000 信息披露基金名称	公告事项 基金名称 有限公司 详细内容	000 00
000000 信息披露基金名称	公告事项 基金名称 有限公司 详细内容	000 00
000000 信息披露基金名称	公告事项 基金名称 有限公司 详细内容	000 00
000000 信息披露基金名称	公告事项 基金名称 有限公司 详细内容	000 00
000000 信息披露基金名称	公告事项 基金名称 有限公司 详细内容	000 00
000000 信息披露基金名称	公告事项 基金名称 有限公司 详细内容	000 00
000000 信息披露基金名称	公告事项 基金名称 有限公司 详细内容	000 00
000000 信息披露基金名称	公告事项 基金名称 有限公司 详细内容	000 00
000000 信息披露基金名称	公告事项 基金名称 有限公司 详细内容	000 00
000000 信息披露基金名称	公告事项 基金名称 有限公司 详细内容	000 00
000000 信息披露基金名称	公告事项 基金名称 有限公司 详细内容	000 00
000000 信息披露基金名称	公告事项 基金名称 有限公司 详细内容	000 00
000000 信息披露基金名称	公告事项 基金名称 有限公司 详细内容	000 00
000000 信息披露基金名称	公告事项 基金名称 有限公司 详细内容	000 00
000000 信息披露基金名称	公告事项 基金名称 有限公司 详细内容	000 00
000000 信息披露基金名称	公告事项 基金名称 有限公司 详细内容	000 00
000000 信息披露基金名称	公告事项 基金名称 有限公司 详细内容	000 00
000000 信息披露基金名称	公告事项 基金名称 有限公司 详细内容	000 00
000000 信息披露基金名称	公告事项 基金名称 有限公司 详细内容	000 00
000000 信息披露基金名称	公告事项 基金名称 有限公司 详细内容	000 00
000000 信息披露基金名称	公告事项 基金名称 有限公司 详细内容	000 00
000000 信息披露基金名称	公告事项 基金名称 有限公司 详细内容	000 00
000000 信息披露基金名称	公告事项 基金名称 有限公司 详细内容	000 00
000000 信息披露基金名称	公告事项 基金名称 有限公司 详细内容	000 00
000000 信息披露基金名称	公告事项 基金名称 有限公司 详细内容	000 00
000000 信息披露基金名称	公告事项 基金名称 有限公司 详细内容	000 00
000000 信息披露基金名称	公告事项 基金名称 有限公司 详细内容	000 00
000000 信息披露基金名称	公告事项 基金名称 有限公司 详细内容	000 00
000000 信息披露基金名称	公告事项 基金名称 有限公司 详细内容	000 00
000000 信息披露基金名称	公告事项 基金名称 有限公司 详细内容	000 00
000000 信息披露基金名称	公告事项 基金名称 有限公司 详细内容	000 00
000000 信息披露基金名称	公告事项 基金名称 有限公司 详细内容	000 00
000000 信息披露基金名称	公告事项 基金名称 有限公司 详细内容	000 00
000000 信息披露基金名称	公告事项 基金名称 有限公司 详细内容	000 00
000000 信息披露基金名称	公告事项 基金名称 有限公司 详细内容	000 00
000000 信息披露基金名称	公告事项 基金名称 有限公司 详细内容	000 00
000000 信息披露基金名称	公告事项 基金名称 有限公司 详细内容	000 00
000000 信息披露基金名称	公告事项 基金名称 有限公司 详细内容	000 00
000000 信息披露基金名称	公告事项 基金名称 有限公司 详细内容	000 00
000000 信息披露基金名称	公告事项 基金名称 有限公司 详细内容	000 00
000000 信息披露基金名称	公告事项 基金名称 有限公司 详细内容	000 00
000000 信息披露基金名称	公告事项 基金名称 有限公司 详细内容	000 00
000000 信息披露基金名称	公告事项 基金名称 有限公司 详细内容	000 00
000000 信息披露基金名称	公告事项 基金名称 有限公司 详细内容	000 00
000000 信息披露基金名称	公告事项 基金名称 有限公司 详细内容	000 00
000000 信息披露基金名称	公告事项 基金名称 有限公司 详细内容	000 00
000000 信息披露基金名称	公告事项 基金名称 有限公司 详细内容	000 00
000000 信息披露基金名称	公告事项 基金名称 有限公司 详细内容	000 00
000000 信息披露基金名称	公告事项 基金名称 有限公司 详细内容	000 00
000000 信息披露基金名称	公告事项 基金名称 有限公司 详细内容	000 00
000000 信息披露基金名称	公告事项 基金名称 有限公司 详细内容	000 00
000000 信息披露基金名称	公告事项 基金名称 有限公司 详细内容	000 00
000000 信息披露基金名称	公告事项 基金名称 有限公司 详细内容	000 00
000000 信息披露基金名称	公告事项 基金名称 有限公司 详细内容	000 00
000000 信息披露基金名称	公告事项 基金名称 有限公司 详细内容	000 00
000000 信息披露基金名称	公告事项 基金名称 有限公司 详细内容	000 00
000000 信息披露基金名称	公告事项 基金名称 有限公司 详细内容	000 00
000000 信息披露基金名称	公告事项 基金名称 有限公司 详细内容	000 00
000000 信息披露基金名称	公告事项 基金名称 有限公司 详细内容	000 00
000000 信息披露基金名称	公告事项 基金名称 有限公司 详细内容	000 00
000000 信息披露基金名称	公告事项 基金名称 有限公司 详细内容	000 00
000000 信息披露基金名称	公告事项 基金名称 有限公司 详细内容	000 00
000000 信息披露基金名称	公告事项 基金名称 有限公司 详细内容	000 00
000000 信息披露基金名称	公告事项 基金名称 有限公司 详细内容	000 00
000000 信息披露基金名称	公告事项 基金名称 有限公司 详细内容	000 00
000000 信息披露基金名称	公告事项 基金名称 有限公司 详细内容	000 00
000000 信息披露基金名称	公告事项 基金名称 有限公司 详细内容	000 00
000000 信息披露基金名称	公告事项 基金名称 有限公司 详细内容	000 00
000000 信息披露基金名称	公告事项 基金名称 有限公司 详细内容	000 00
000000 信息披露基金名称	公告事项 基金名称 有限公司 详细内容	000 00
000000 信息披露基金名称	公告事项 基金名称 有限公司 详细内容	000 00
000000 信息披露基金名称	公告事项 基金名称 有限公司 详细内容	000 00
000000 信息披露基金名称	公告事项 基金名称 有限公司 详细内容	000 00
000000 信息披露基金名称	公告事项 基金名称 有限公司 详细内容	000 00
000000 信息披露基金名称	公告事项 基金名称 有限公司 详细内容	000 00
000000 信息披露基金名称	公告事项 基金名称 有限公司 详细内容	000 00
000000 信息披露基金名称	公告事项 基金名称 有限公司 详细内容	000 00
000000 信息披露基金名称	公告事项 基金名称 有限公司 详细内容	000 00
000000 信息披露基金名称	公告事项 基金名称 有限公司 详细内容	000 00
000000 信息披露基金名称	公告事项 基金名称 有限公司 详细内容	000 00
000000 信息披露基金名称	公告事项 基金名称 有限公司 详细内容	000 00
000000 信息披露基金名称	公告事项 基金名称 有限公司 详细内容	000 00
000000 信息披露基金名称	公告事项 基金名称 有限公司 详细内容	000 00
000000 信息披露基金名称	公告事项 基金名称 有限公司 详细内容	000 00
000000 信息披露基金名称	公告事项 基金名称 有限公司 详细内容	000 00
000000 信息披露基金名称	公告事项 基金名称 有限公司 详细内容	000 00
000000 信息披露基金名称	公告事项 基金名称 有限公司 详细内容	000 00
000000 信息披露基金名称	公告事项 基金名称 有限公司 详细内容	000 00
000000 信息披露基金名称	公告事项 基金名称 有限公司 详细内容	000 00
000000 信息披露基金名称	公告事项 基金名称 有限公司 详细内容	000 00
000000 信息披露基金名称	公告事项 基金名称 有限公司 详细内容	000 00
000000 信息披露基金名称	公告事项 基金名称 有限公司 详细内容	000 00
000000 信息披露基金名称	公告事项 基金名称 有限公司 详细内容	000 00
000000 信息披露基金名称	公告事项 基金名称 有限公司 详细内容	000 00
000000 信息披露基金名称	公告事项 基金名称 有限公司 详细内容	000 00
000000 信息披露基金名称	公告事项 基金名称 有限公司 详细内容	000 00
000000 信息披露基金名称	公告事项 基金名称 有限公司 详细内容	000 00
000000 信息披露基金名称	公告事项 基金名称 有限公司 详细内容	000 00
000000 信息披露基金名称	公告事项 基金名称 有限公司 详细内容	000 00
000000 信息披露基金名称	公告事项 基金名称 有限公司 详细内容	000 00
000000 信息披露基金名称	公告事项 基金名称 有限公司 详细内容	000 00
000000 信息披露基金名称	公告事项 基金名称 有限公司 详细内容	000 00
000000 信息披露基金名称	公告事项 基金名称 有限公司 详细内容	000 00
000000 信息披露基金名称	公告事项 基金名称 有限公司 详细内容	000 00
000000 信息披露基金名称	公告事项 基金名称 有限公司 详细内容	000 00
000000 信息披露基金名称	公告事项 基金名称 有限公司 详细内容	000 00
000000 信息披露基金名称	公告事项 基金名称 有限公司 详细内容	000 00
000000 信息披露基金名称	公告事项 基金名称 有限公司 详细内容	000 00
000000 信息披露基金名称	公告事项 基金名称 有限公司 详细内容	000 00
000000 信息披露基金名称	公告事项 基金名称 有限公司 详细内容	000 00
000000 信息披露基金名称	公告事项 基金名称 有限公司 详细内容	000 00
000000 信息披露基金名称	公告事项 基金名称 有限公司 详细内容	000 00
000000 信息披露基金名称	公告事项 基金名称 有限公司 详细内容	000 00
000000 信息披露基金名称	公告事项 基金名称 有限公司 详细内容	000 00
000000 信息披露基金名称	公告事项 基金名称 有限公司 详细内容	000 00
000000 信息披露基金名称	公告事项 基金名称 有限公司 详细内容	000 00
000000 信息披露基金名称	公告事项 基金名称 有限公司 详细内容	000 00
000000 信息披露基金名称	公告事项 基金名称 有限公司 详细内容	000 00
000000 信息披露基金名称	公告事项 基金名称 有限公司 详细内容	000 00
000000 信息披露基金名称	公告事项 基金名称 有限公司 详细内容	000 00
000000 信息披露基金名称	公告事项 基金名称 有限公司 详细内容	000 00
000000 信息披露基金名称	公告事项 基金名称 有限公司 详细内容	000 00
000000 信息披露基金名称	公告事项 基金名称 有限公司 详细内容	000 00
000000 信息披露基金名称	公告事项 基金名称 有限公司 详细内容	000 00
000000 信息披露基金名称	公告事项 基金名称 有限公司 详细内容	000 00
000000 信息披露基金名称	公告事项 基金名称 有限公司 详细内容	000 00
000000 信息披露基金名称	公告事项 基金名称 有限公司 详细内容	000 00
(下转A35版)
